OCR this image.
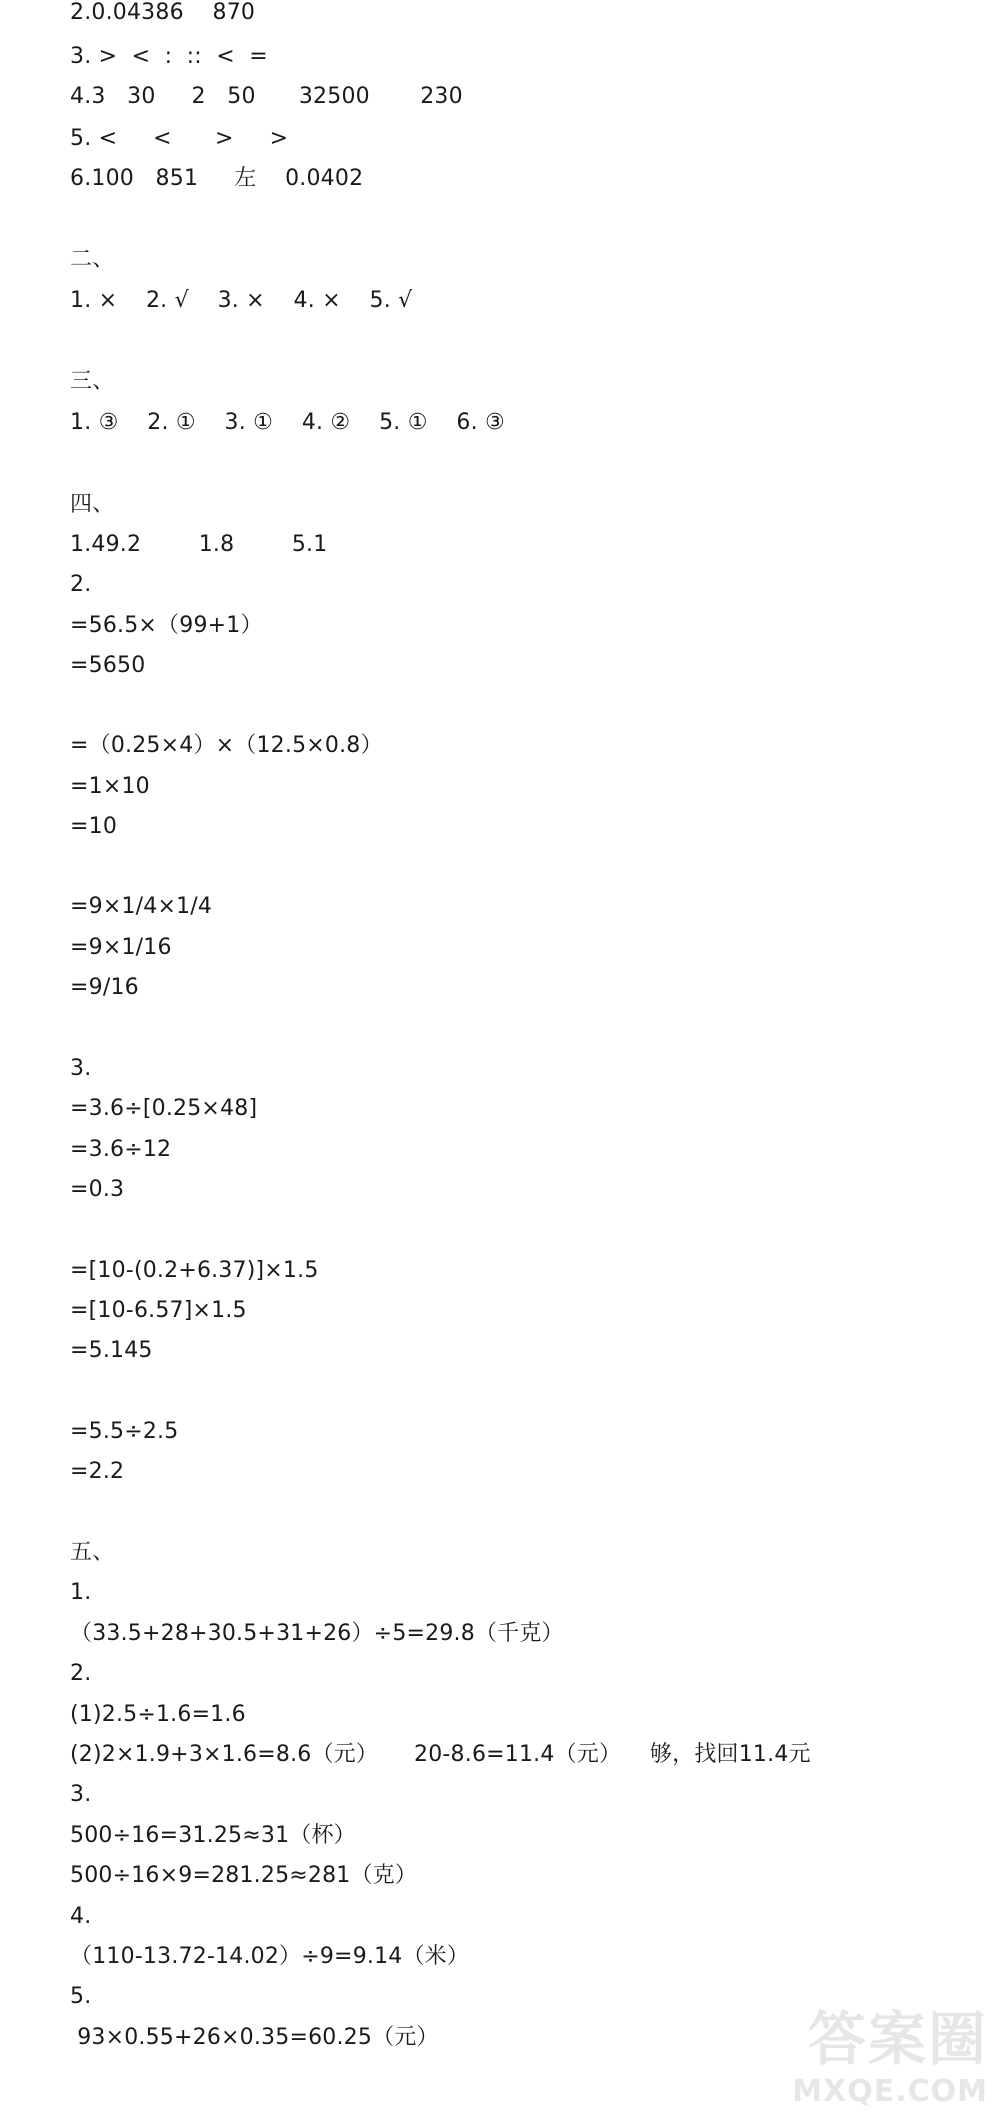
2.0.04386    870
3. >  <  :  ::  <  =
4.3   30     2   50      32500       230
5. <     <      >     >
6.100   851     左    0.0402
二、
1. ×    2. √    3. ×    4. ×    5. √
三、
1. ③    2. ①    3. ①    4. ②    5. ①    6. ③
四、
1.49.2        1.8        5.1
2.
=56.5×（99+1）
=5650
=（0.25×4）×（12.5×0.8）
=1×10
=10
=9×1/4×1/4
=9×1/16
=9/16
3.
=3.6÷[0.25×48]
=3.6÷12
=0.3
=[10-(0.2+6.37)]×1.5
=[10-6.57]×1.5
=5.145
=5.5÷2.5
=2.2
五、
1.
（33.5+28+30.5+31+26）÷5=29.8（千克）
2.
(1)2.5÷1.6=1.6
(2)2×1.9+3×1.6=8.6（元）     20-8.6=11.4（元）    够，找回11.4元
3.
500÷16=31.25≈31（杯）
500÷16×9=281.25≈281（克）
4.
（110-13.72-14.02）÷9=9.14（米）
5.
93×0.55+26×0.35=60.25（元）	答案圈
MXQE.COM
